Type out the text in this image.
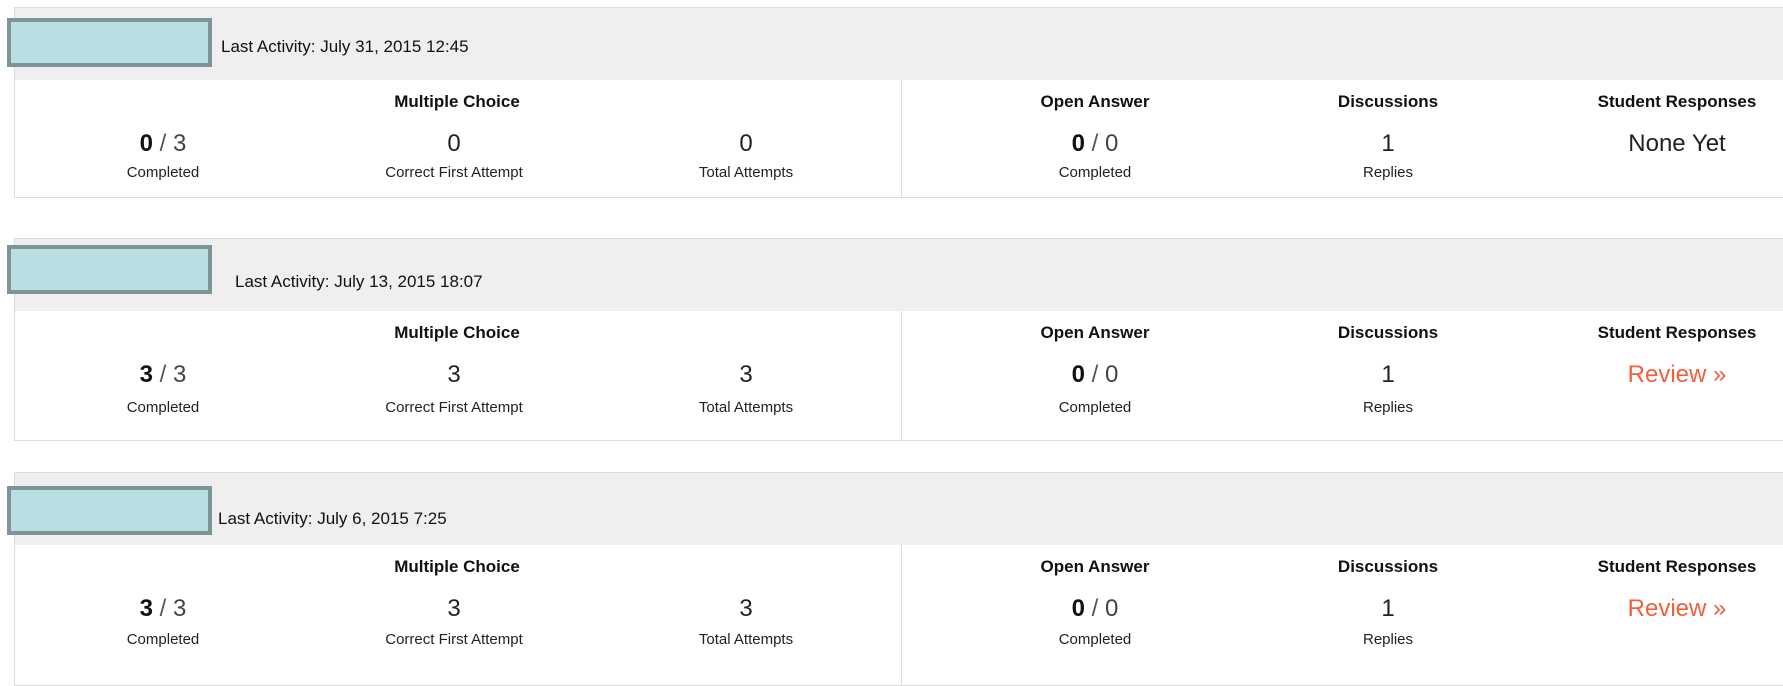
Last Activity: July 31, 2015 12:45
Multiple Choice
0 / 3
Completed
0
Correct First Attempt
0
Total Attempts
Open Answer
0 / 0
Completed
Discussions
1
Replies
Student Responses
None Yet
Last Activity: July 13, 2015 18:07
Multiple Choice
3 / 3
Completed
3
Correct First Attempt
3
Total Attempts
Open Answer
0 / 0
Completed
Discussions
1
Replies
Student Responses
Review »
Last Activity: July 6, 2015 7:25
Multiple Choice
3 / 3
Completed
3
Correct First Attempt
3
Total Attempts
Open Answer
0 / 0
Completed
Discussions
1
Replies
Student Responses
Review »
